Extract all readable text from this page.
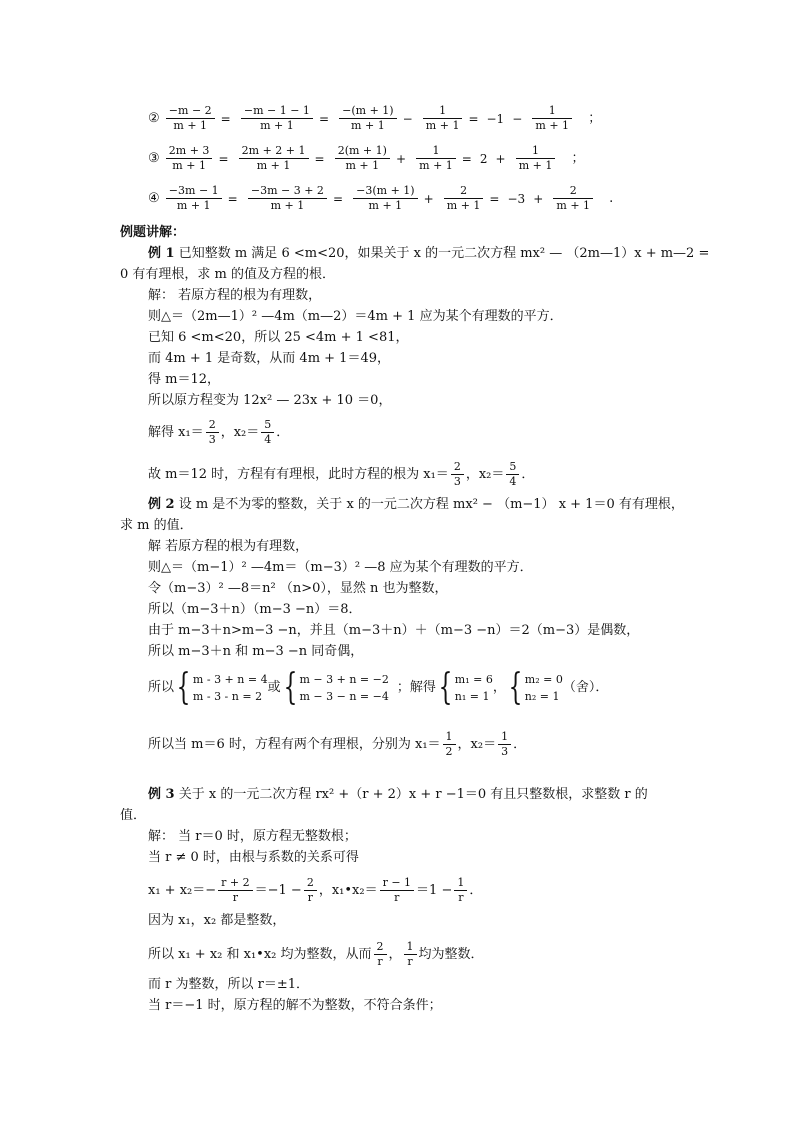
② $\frac{-m - 2}{m + 1} = \frac{-m - 1 - 1}{m + 1} = \frac{-(m + 1)}{m + 1} - \frac{1}{m + 1} = -1 - \frac{1}{m + 1}$ ；
③ $\frac{2m + 3}{m + 1} = \frac{2m + 2 + 1}{m + 1} = \frac{2(m + 1)}{m + 1} + \frac{1}{m + 1} = 2 + \frac{1}{m + 1}$ ；
④ $\frac{-3m - 1}{m + 1} = \frac{-3m - 3 + 2}{m + 1} = \frac{-3(m + 1)}{m + 1} + \frac{2}{m + 1} = -3 + \frac{2}{m + 1}$ .
例题讲解：
例 1 已知整数 m 满足 6 <m<20，如果关于 x 的一元二次方程 mx² — （2m—1）x + m—2 =
0 有有理根，求 m 的值及方程的根．
解： 若原方程的根为有理数，
则△＝（2m—1）² —4m（m—2）＝4m + 1 应为某个有理数的平方．
已知 6 <m<20，所以 25 <4m + 1 <81，
而 4m + 1 是奇数，从而 4m + 1＝49，
得 m＝12，
所以原方程变为 12x² — 23x + 10 ＝0，
解得 $x_1= \frac{2}{3}$ ，$x_2= \frac{5}{4}$ ．
故 m＝12 时，方程有有理根，此时方程的根为 $x_1= \frac{2}{3}$ ，$x_2= \frac{5}{4}$ ．
例 2 设 m 是不为零的整数，关于 x 的一元二次方程 mx² − （m−1） x + 1＝0 有有理根，
求 m 的值．
解 若原方程的根为有理数，
则△＝（m−1）² —4m＝（m−3）² —8 应为某个有理数的平方．
令（m−3）² —8＝n² （n>0），显然 n 也为整数，
所以（m−3＋n）（m−3 −n）＝8．
由于 m−3＋n>m−3 −n，并且（m−3＋n）＋（m−3 −n）＝2（m−3）是偶数，
所以 m−3＋n 和 m−3 −n 同奇偶，
所以{ m - 3 + n = 4
m - 3 - n = 2
或{ m − 3 + n = −2
m − 3 − n = −4
；解得{ m₁ = 6
n₁ = 1
，{ m₂ = 0
n₂ = 1
（舍）．
所以当 m＝6 时，方程有两个有理根，分别为 $x_1= \frac{1}{2}$ ，$x_2= \frac{1}{3}$ ．
例 3 关于 x 的一元二次方程 rx² +（r + 2）x + r −1＝0 有且只整数根，求整数 r 的
值．
解： 当 r＝0 时，原方程无整数根；
当 r ≠ 0 时，由根与系数的关系可得
$x_1 + x_2=- \frac{r + 2}{r} =-1 - \frac{2}{r}$ ，x₁•x₂＝ $\frac{r - 1}{r} =1 - \frac{1}{r}$ ．
因为 x₁，x₂ 都是整数，
所以 x₁ + x₂ 和 x₁•x₂ 均为整数，从而 $\frac{2}{r}$ ， $\frac{1}{r}$ 均为整数．
而 r 为整数，所以 r＝±1．
当 r＝−1 时，原方程的解不为整数，不符合条件；
